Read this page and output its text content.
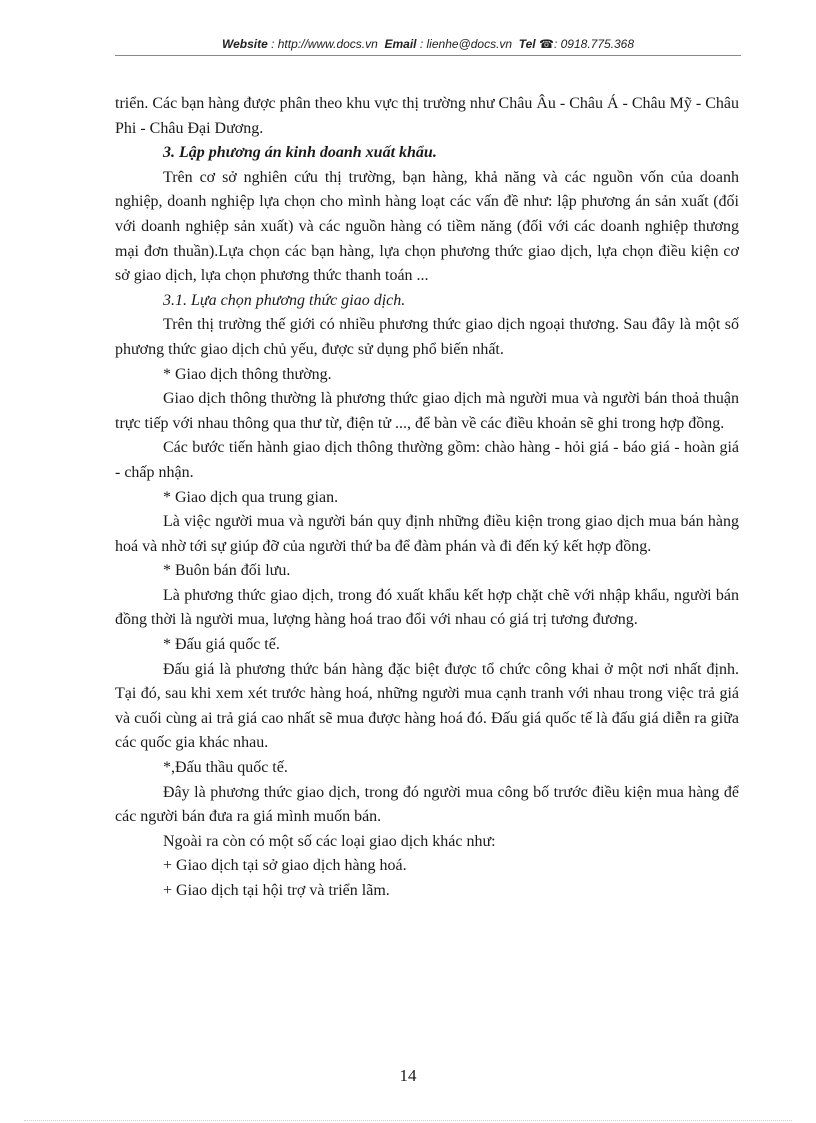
Website : http://www.docs.vn Email : lienhe@docs.vn Tel ☎: 0918.775.368

triển. Các bạn hàng được phân theo khu vực thị trường như Châu Âu - Châu Á - Châu Mỹ - Châu Phi - Châu Đại Dương.

3. Lập phương án kinh doanh xuất khẩu.

Trên cơ sở nghiên cứu thị trường, bạn hàng, khả năng và các nguồn vốn của doanh nghiệp, doanh nghiệp lựa chọn cho mình hàng loạt các vấn đề như: lập phương án sản xuất (đối với doanh nghiệp sản xuất) và các nguồn hàng có tiềm năng (đối với các doanh nghiệp thương mại đơn thuần).Lựa chọn các bạn hàng, lựa chọn phương thức giao dịch, lựa chọn điều kiện cơ sở giao dịch, lựa chọn phương thức thanh toán ...

3.1. Lựa chọn phương thức giao dịch.

Trên thị trường thế giới có nhiều phương thức giao dịch ngoại thương. Sau đây là một số phương thức giao dịch chủ yếu, được sử dụng phổ biến nhất.

* Giao dịch thông thường.

Giao dịch thông thường là phương thức giao dịch mà người mua và người bán thoả thuận trực tiếp với nhau thông qua thư từ, điện tử ..., để bàn về các điều khoản sẽ ghi trong hợp đồng.

Các bước tiến hành giao dịch thông thường gồm: chào hàng - hỏi giá - báo giá - hoàn giá - chấp nhận.

* Giao dịch qua trung gian.

Là việc người mua và người bán quy định những điều kiện trong giao dịch mua bán hàng hoá và nhờ tới sự giúp đỡ của người thứ ba để đàm phán và đi đến ký kết hợp đồng.

* Buôn bán đối lưu.

Là phương thức giao dịch, trong đó xuất khẩu kết hợp chặt chẽ với nhập khẩu, người bán đồng thời là người mua, lượng hàng hoá trao đổi với nhau có giá trị tương đương.

* Đấu giá quốc tế.

Đấu giá là phương thức bán hàng đặc biệt được tổ chức công khai ở một nơi nhất định. Tại đó, sau khi xem xét trước hàng hoá, những người mua cạnh tranh với nhau trong việc trả giá và cuối cùng ai trả giá cao nhất sẽ mua được hàng hoá đó. Đấu giá quốc tế là đấu giá diễn ra giữa các quốc gia khác nhau.

*,Đấu thầu quốc tế.

Đây là phương thức giao dịch, trong đó người mua công bố trước điều kiện mua hàng để các người bán đưa ra giá mình muốn bán.

Ngoài ra còn có một số các loại giao dịch khác như:

+ Giao dịch tại sở giao dịch hàng hoá.

+ Giao dịch tại hội trợ và triển lãm.

14
